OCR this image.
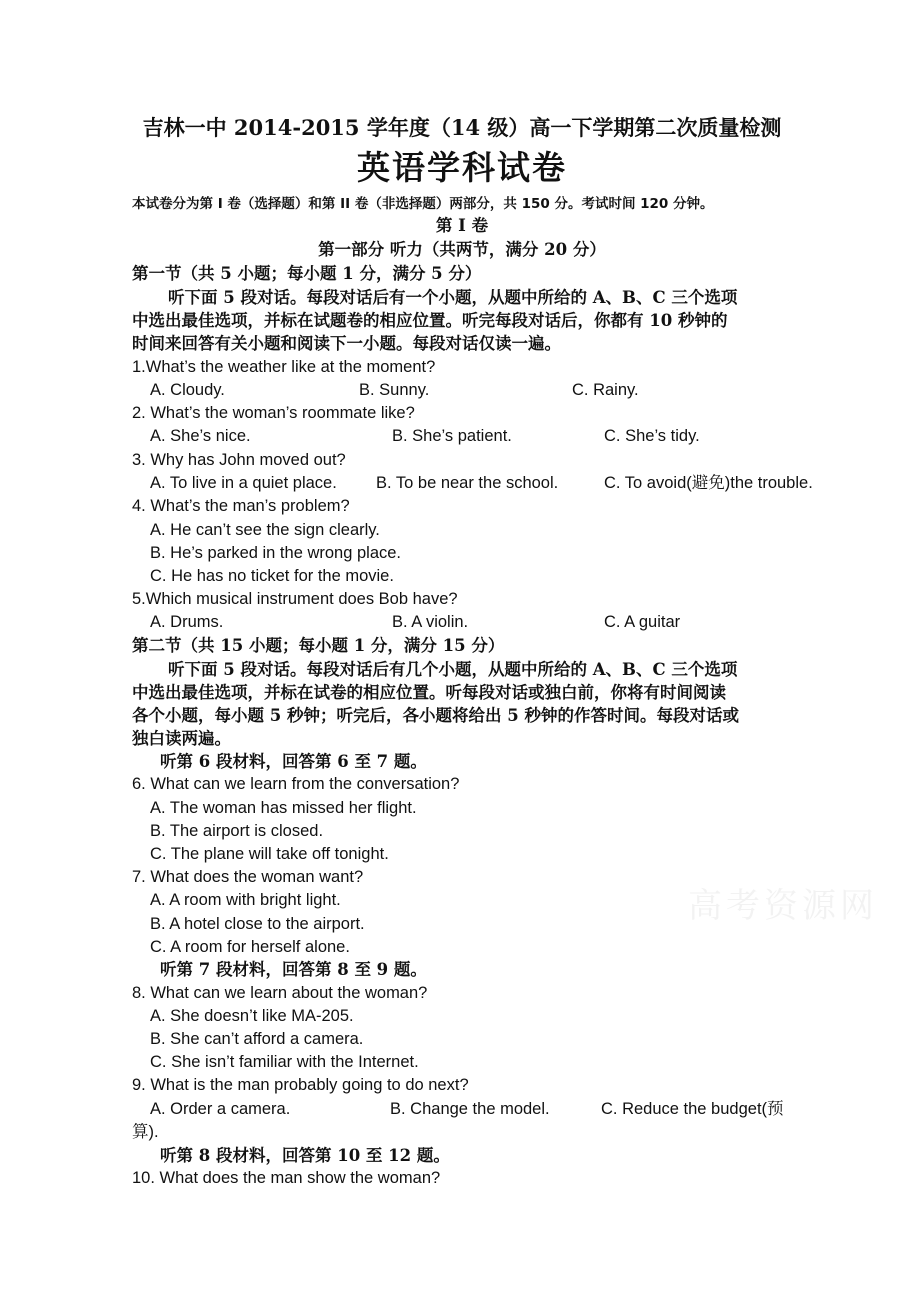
吉林一中 2014-2015 学年度（14 级）高一下学期第二次质量检测
英语学科试卷
本试卷分为第 I 卷（选择题）和第 II 卷（非选择题）两部分，共 150 分。考试时间 120 分钟。
第 I 卷
第一部分 听力（共两节，满分 20 分）
第一节（共 5 小题；每小题 1 分，满分 5 分）
听下面 5 段对话。每段对话后有一个小题，从题中所给的 A、B、C 三个选项
中选出最佳选项，并标在试题卷的相应位置。听完每段对话后，你都有 10 秒钟的
时间来回答有关小题和阅读下一小题。每段对话仅读一遍。
1.What’s the weather like at the moment?
A. Cloudy.	B. Sunny.	C. Rainy.
2. What’s the woman’s roommate like?
A. She’s nice.	B. She’s patient.	C. She’s tidy.
3. Why has John moved out?
A. To live in a quiet place. B. To be near the school.	C. To avoid(避免)the trouble.
4. What’s the man’s problem?
A. He can’t see the sign clearly.
B. He’s parked in the wrong place.
C. He has no ticket for the movie.
5.Which musical instrument does Bob have?
A. Drums.	B. A violin.	C. A guitar
第二节（共 15 小题；每小题 1 分，满分 15 分）
听下面 5 段对话。每段对话后有几个小题，从题中所给的 A、B、C 三个选项
中选出最佳选项，并标在试卷的相应位置。听每段对话或独白前，你将有时间阅读
各个小题，每小题 5 秒钟；听完后，各小题将给出 5 秒钟的作答时间。每段对话或
独白读两遍。
听第 6 段材料，回答第 6 至 7 题。
6. What can we learn from the conversation?
A. The woman has missed her flight.
B. The airport is closed.
C. The plane will take off tonight.
7. What does the woman want?
A. A room with bright light.
B. A hotel close to the airport.
C. A room for herself alone.
听第 7 段材料，回答第 8 至 9 题。
8. What can we learn about the woman?
A. She doesn’t like MA-205.
B. She can’t afford a camera.
C. She isn’t familiar with the Internet.
9. What is the man probably going to do next?
A. Order a camera.	B. Change the model.	C. Reduce the budget(预
算).
听第 8 段材料，回答第 10 至 12 题。
10. What does the man show the woman?
高考资源网
